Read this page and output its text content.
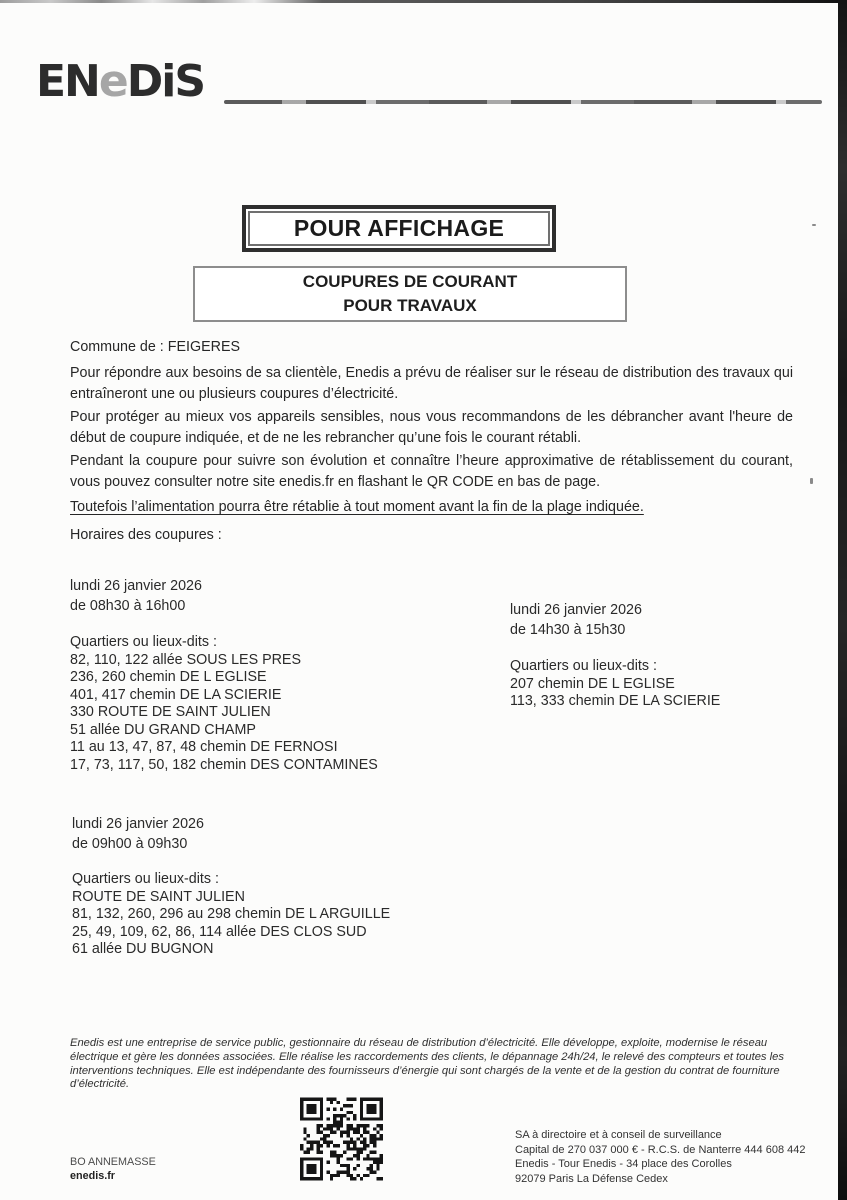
ENeDiS
POUR AFFICHAGE
COUPURES DE COURANT
POUR TRAVAUX
Commune de : FEIGERES
Pour répondre aux besoins de sa clientèle, Enedis a prévu de réaliser sur le réseau de distribution des travaux qui entraîneront une ou plusieurs coupures d’électricité.
Pour protéger au mieux vos appareils sensibles, nous vous recommandons de les débrancher avant l'heure de début de coupure indiquée, et de ne les rebrancher qu’une fois le courant rétabli.
Pendant la coupure pour suivre son évolution et connaître l’heure approximative de rétablissement du courant, vous pouvez consulter notre site enedis.fr en flashant le QR CODE en bas de page.
Toutefois l’alimentation pourra être rétablie à tout moment avant la fin de la plage indiquée.
Horaires des coupures :
lundi 26 janvier 2026
de 08h30 à 16h00
Quartiers ou lieux-dits :
82, 110, 122 allée SOUS LES PRES
236, 260 chemin DE L EGLISE
401, 417 chemin DE LA SCIERIE
330 ROUTE DE SAINT JULIEN
51 allée DU GRAND CHAMP
11 au 13, 47, 87, 48 chemin DE FERNOSI
17, 73, 117, 50, 182 chemin DES CONTAMINES
lundi 26 janvier 2026
de 14h30 à 15h30
Quartiers ou lieux-dits :
207 chemin DE L EGLISE
113, 333 chemin DE LA SCIERIE
lundi 26 janvier 2026
de 09h00 à 09h30
Quartiers ou lieux-dits :
ROUTE DE SAINT JULIEN
81, 132, 260, 296 au 298 chemin DE L ARGUILLE
25, 49, 109, 62, 86, 114 allée DES CLOS SUD
61 allée DU BUGNON
Enedis est une entreprise de service public, gestionnaire du réseau de distribution d’électricité. Elle développe, exploite, modernise le réseau électrique et gère les données associées. Elle réalise les raccordements des clients, le dépannage 24h/24, le relevé des compteurs et toutes les interventions techniques. Elle est indépendante des fournisseurs d’énergie qui sont chargés de la vente et de la gestion du contrat de fourniture d’électricité.
BO ANNEMASSE
enedis.fr
SA à directoire et à conseil de surveillance
Capital de 270 037 000 € - R.C.S. de Nanterre 444 608 442
Enedis - Tour Enedis - 34 place des Corolles
92079 Paris La Défense Cedex
